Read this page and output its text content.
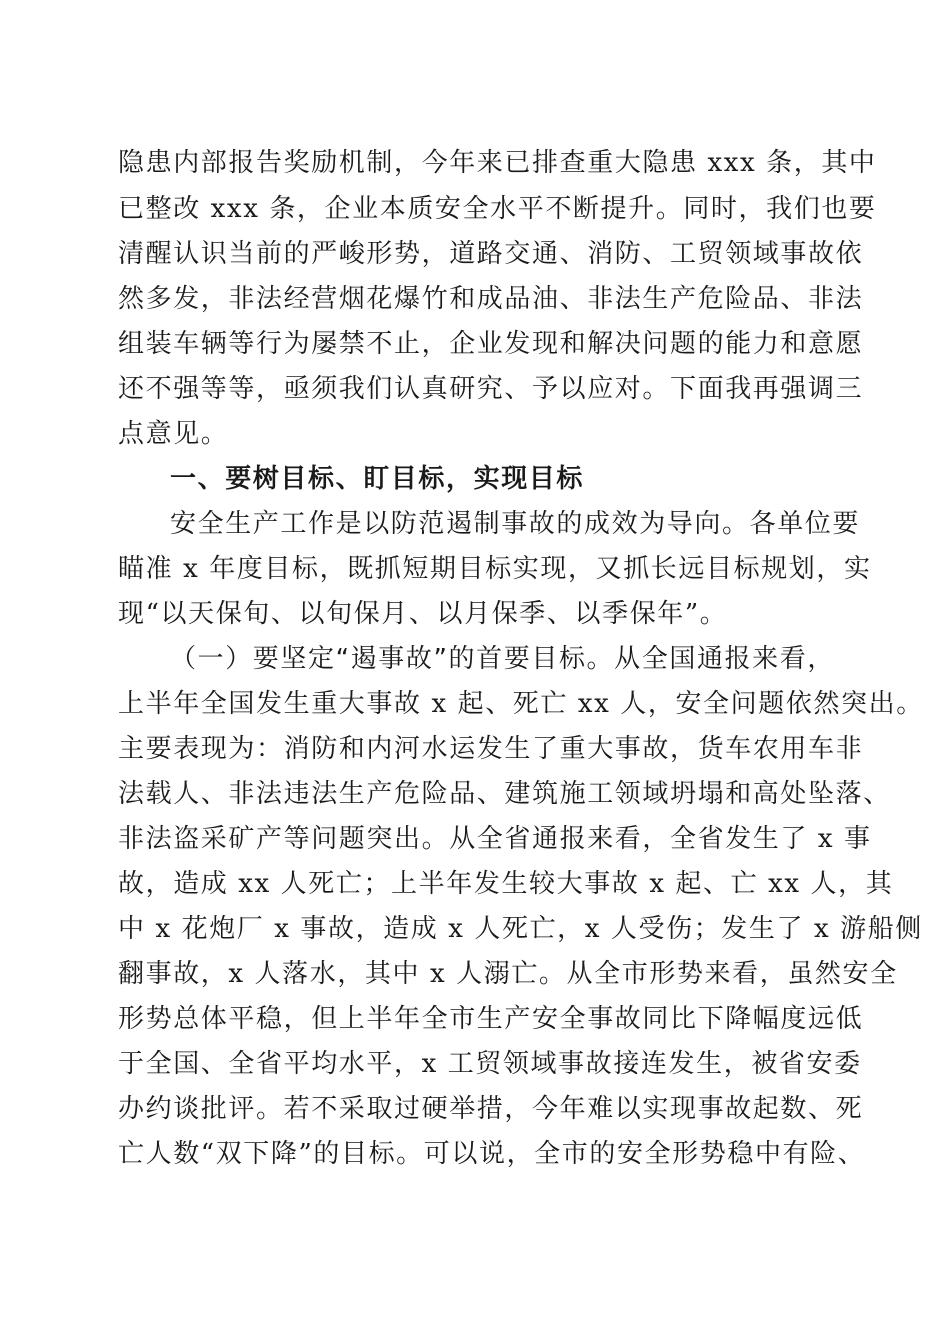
隐患内部报告奖励机制，今年来已排查重大隐患 xxx 条，其中
已整改 xxx 条，企业本质安全水平不断提升。同时，我们也要
清醒认识当前的严峻形势，道路交通、消防、工贸领域事故依
然多发，非法经营烟花爆竹和成品油、非法生产危险品、非法
组装车辆等行为屡禁不止，企业发现和解决问题的能力和意愿
还不强等等，亟须我们认真研究、予以应对。下面我再强调三
点意见。
一、要树目标、盯目标，实现目标
安全生产工作是以防范遏制事故的成效为导向。各单位要
瞄准 x 年度目标，既抓短期目标实现，又抓长远目标规划，实
现“以天保旬、以旬保月、以月保季、以季保年”。
（一）要坚定“遏事故”的首要目标。从全国通报来看，
上半年全国发生重大事故 x 起、死亡 xx 人，安全问题依然突出。
主要表现为：消防和内河水运发生了重大事故，货车农用车非
法载人、非法违法生产危险品、建筑施工领域坍塌和高处坠落、
非法盗采矿产等问题突出。从全省通报来看，全省发生了 x 事
故，造成 xx 人死亡；上半年发生较大事故 x 起、亡 xx 人，其
中 x 花炮厂 x 事故，造成 x 人死亡，x 人受伤；发生了 x 游船侧
翻事故，x 人落水，其中 x 人溺亡。从全市形势来看，虽然安全
形势总体平稳，但上半年全市生产安全事故同比下降幅度远低
于全国、全省平均水平，x 工贸领域事故接连发生，被省安委
办约谈批评。若不采取过硬举措，今年难以实现事故起数、死
亡人数“双下降”的目标。可以说，全市的安全形势稳中有险、
